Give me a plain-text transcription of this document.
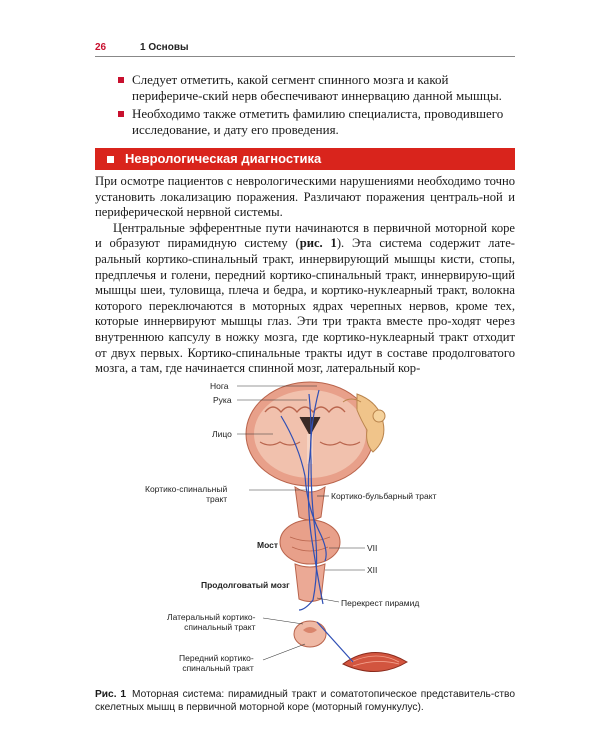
26	1 Основы
Следует отметить, какой сегмент спинного мозга и какой перифериче-ский нерв обеспечивают иннервацию данной мышцы.
Необходимо также отметить фамилию специалиста, проводившего исследование, и дату его проведения.
Неврологическая диагностика

При осмотре пациентов с неврологическими нарушениями необходимо точно установить локализацию поражения. Различают поражения централь-ной и периферической нервной системы.

Центральные эфферентные пути начинаются в первичной моторной коре и образуют пирамидную систему (рис. 1). Эта система содержит лате-ральный кортико-спинальный тракт, иннервирующий мышцы кисти, стопы, предплечья и голени, передний кортико-спинальный тракт, иннервирую-щий мышцы шеи, туловища, плеча и бедра, и кортико-нуклеарный тракт, волокна которого переключаются в моторных ядрах черепных нервов, кроме тех, которые иннервируют мышцы глаз. Эти три тракта вместе про-ходят через внутреннюю капсулу в ножку мозга, где кортико-нуклеарный тракт отходит от двух первых. Кортико-спинальные тракты идут в составе продолговатого мозга, а там, где начинается спинной мозг, латеральный кор-

Нога
Рука
Лицо
Кортико-спинальный
тракт	Кортико-бульбарный тракт
Мост	VII
XII
Продолговатый мозг
Перекрест пирамид
Латеральный кортико-
спинальный тракт
Передний кортико-
спинальный тракт
Рис. 1 Моторная система: пирамидный тракт и соматотопическое представитель-ство скелетных мышц в первичной моторной коре (моторный гомункулус).
